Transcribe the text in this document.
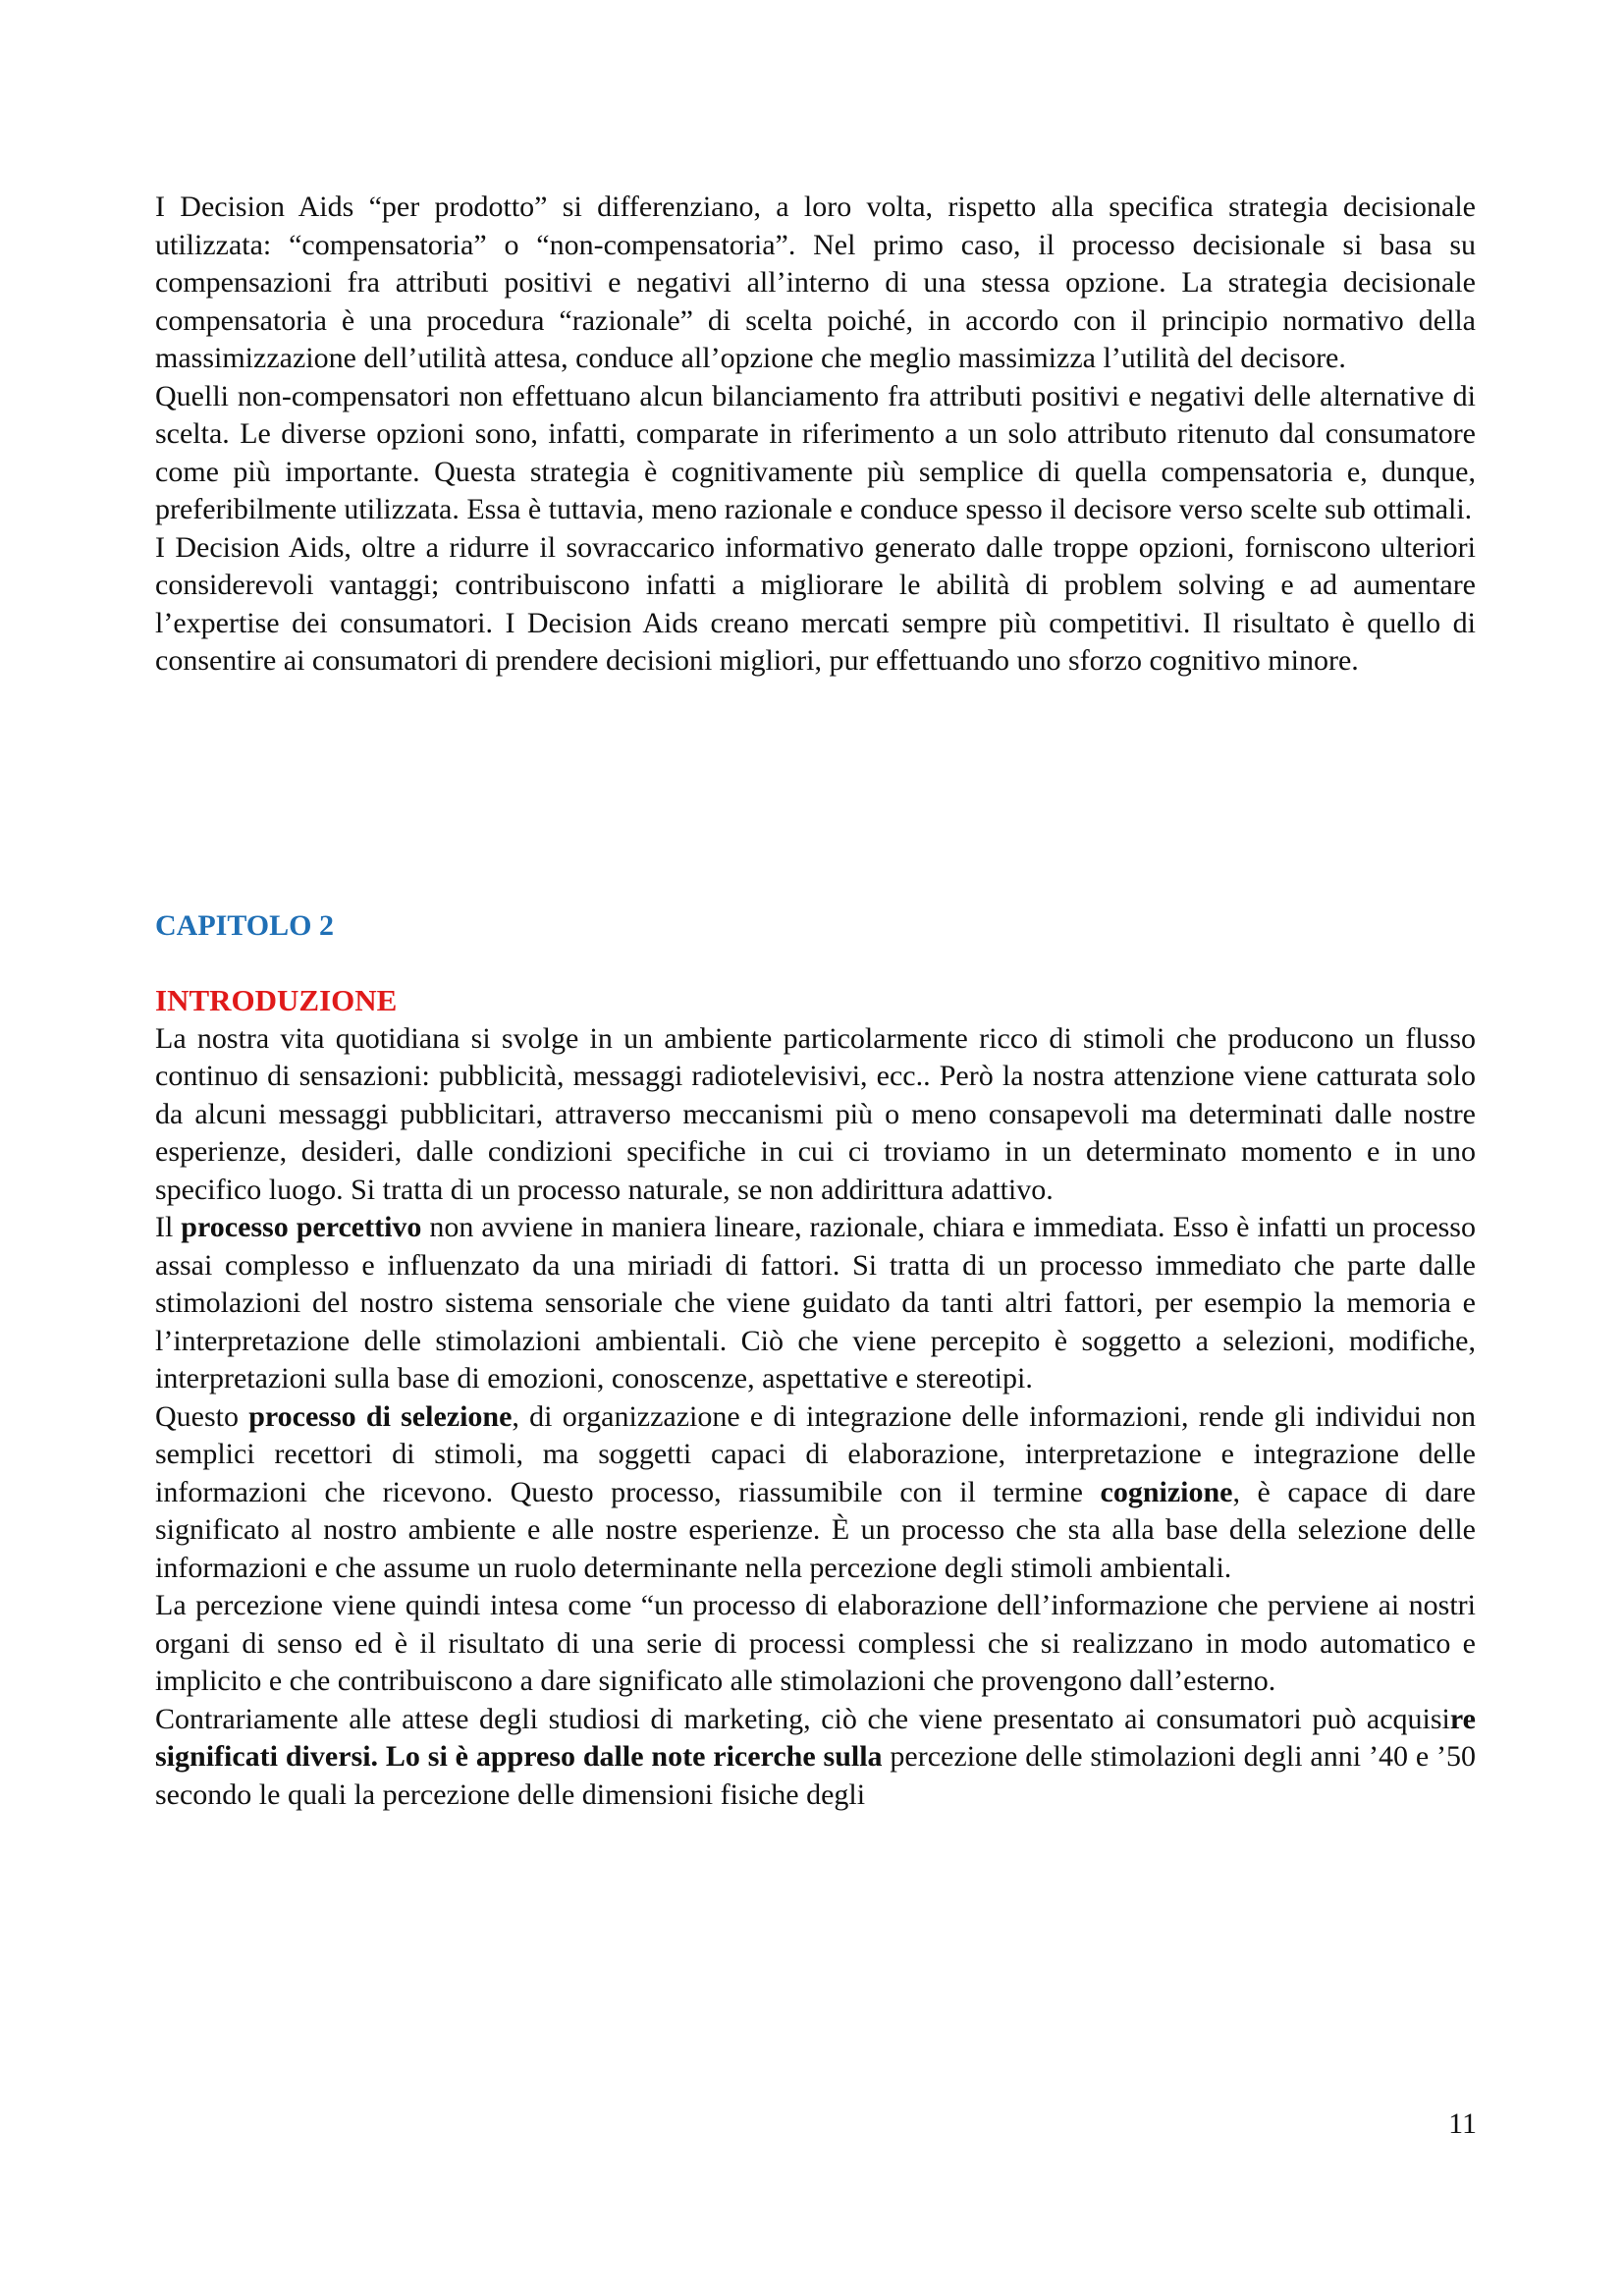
I Decision Aids “per prodotto” si differenziano, a loro volta, rispetto alla specifica strategia decisionale utilizzata: “compensatoria” o “non-compensatoria”. Nel primo caso, il processo decisionale si basa su compensazioni fra attributi positivi e negativi all’interno di una stessa opzione. La strategia decisionale compensatoria è una procedura “razionale” di scelta poiché, in accordo con il principio normativo della massimizzazione dell’utilità attesa, conduce all’opzione che meglio massimizza l’utilità del decisore.

Quelli non-compensatori non effettuano alcun bilanciamento fra attributi positivi e negativi delle alternative di scelta. Le diverse opzioni sono, infatti, comparate in riferimento a un solo attributo ritenuto dal consumatore come più importante. Questa strategia è cognitivamente più semplice di quella compensatoria e, dunque, preferibilmente utilizzata. Essa è tuttavia, meno razionale e conduce spesso il decisore verso scelte sub ottimali.

I Decision Aids, oltre a ridurre il sovraccarico informativo generato dalle troppe opzioni, forniscono ulteriori considerevoli vantaggi; contribuiscono infatti a migliorare le abilità di problem solving e ad aumentare l’expertise dei consumatori. I Decision Aids creano mercati sempre più competitivi. Il risultato è quello di consentire ai consumatori di prendere decisioni migliori, pur effettuando uno sforzo cognitivo minore.

CAPITOLO 2
INTRODUZIONE

La nostra vita quotidiana si svolge in un ambiente particolarmente ricco di stimoli che producono un flusso continuo di sensazioni: pubblicità, messaggi radiotelevisivi, ecc.. Però la nostra attenzione viene catturata solo da alcuni messaggi pubblicitari, attraverso meccanismi più o meno consapevoli ma determinati dalle nostre esperienze, desideri, dalle condizioni specifiche in cui ci troviamo in un determinato momento e in uno specifico luogo. Si tratta di un processo naturale, se non addirittura adattivo.

Il processo percettivo non avviene in maniera lineare, razionale, chiara e immediata. Esso è infatti un processo assai complesso e influenzato da una miriadi di fattori. Si tratta di un processo immediato che parte dalle stimolazioni del nostro sistema sensoriale che viene guidato da tanti altri fattori, per esempio la memoria e l’interpretazione delle stimolazioni ambientali. Ciò che viene percepito è soggetto a selezioni, modifiche, interpretazioni sulla base di emozioni, conoscenze, aspettative e stereotipi.

Questo processo di selezione, di organizzazione e di integrazione delle informazioni, rende gli individui non semplici recettori di stimoli, ma soggetti capaci di elaborazione, interpretazione e integrazione delle informazioni che ricevono. Questo processo, riassumibile con il termine cognizione, è capace di dare significato al nostro ambiente e alle nostre esperienze. È un processo che sta alla base della selezione delle informazioni e che assume un ruolo determinante nella percezione degli stimoli ambientali.

La percezione viene quindi intesa come “un processo di elaborazione dell’informazione che perviene ai nostri organi di senso ed è il risultato di una serie di processi complessi che si realizzano in modo automatico e implicito e che contribuiscono a dare significato alle stimolazioni che provengono dall’esterno.

Contrariamente alle attese degli studiosi di marketing, ciò che viene presentato ai consumatori può acquisire significati diversi. Lo si è appreso dalle note ricerche sulla percezione delle stimolazioni degli anni ’40 e ’50 secondo le quali la percezione delle dimensioni fisiche degli

11
